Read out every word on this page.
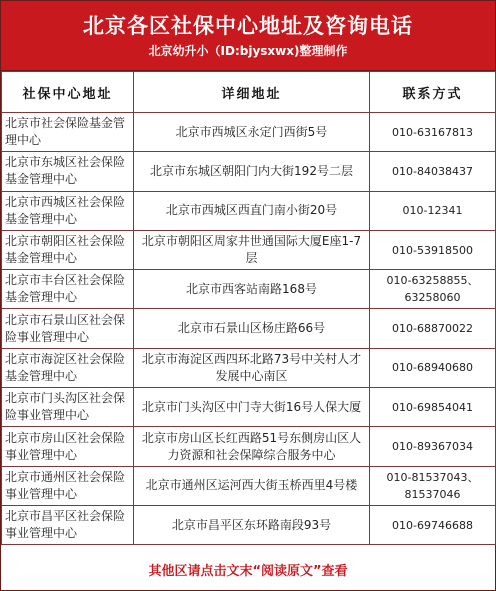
北京各区社保中心地址及咨询电话
北京幼升小（ID:bjysxwx)整理制作
社保中心地址	详细地址	联系方式
北京市社会保险基金管理中心	北京市西城区永定门西街5号	010-63167813
北京市东城区社会保险基金管理中心	北京市东城区朝阳门内大街192号二层	010-84038437
北京市西城区社会保险基金管理中心	北京市西城区西直门南小街20号	010-12341
北京市朝阳区社会保险基金管理中心	北京市朝阳区周家井世通国际大厦E座1-7层	010-53918500
北京市丰台区社会保险基金管理中心	北京市西客站南路168号	010-63258855、63258060
北京市石景山区社会保险事业管理中心	北京市石景山区杨庄路66号	010-68870022
北京市海淀区社会保险基金管理中心	北京市海淀区西四环北路73号中关村人才发展中心南区	010-68940680
北京市门头沟区社会保险事业管理中心	北京市门头沟区中门寺大街16号人保大厦	010-69854041
北京市房山区社会保险事业管理中心	北京市房山区长红西路51号东侧房山区人力资源和社会保障综合服务中心	010-89367034
北京市通州区社会保险事业管理中心	北京市通州区运河西大街玉桥西里4号楼	010-81537043、81537046
北京市昌平区社会保险事业管理中心	北京市昌平区东环路南段93号	010-69746688
其他区请点击文末“阅读原文”查看
